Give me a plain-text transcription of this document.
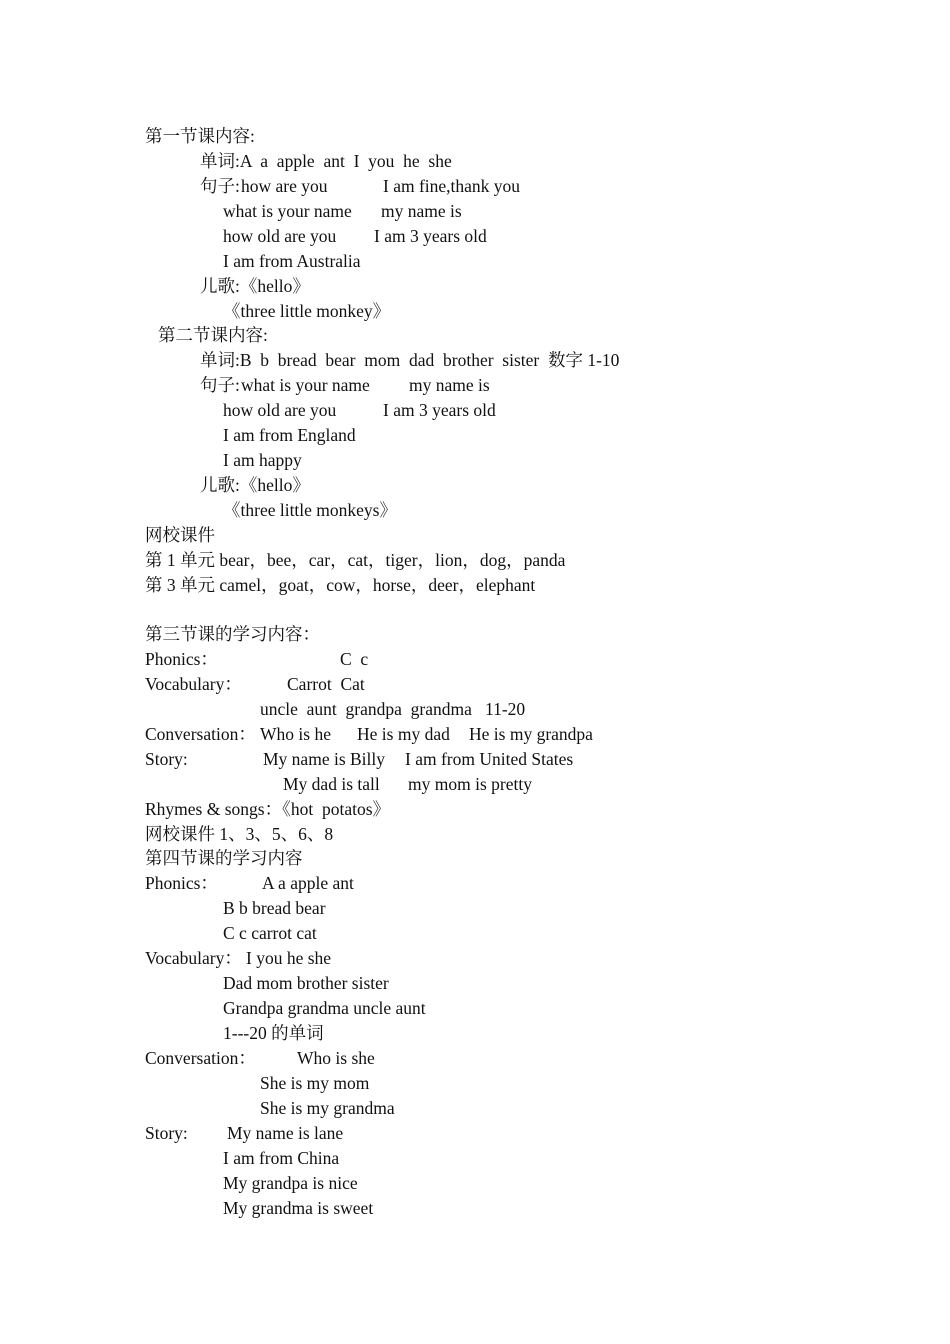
第一节课内容:
单词:A  a  apple  ant  I  you  he  she
句子: how are you	I am fine,thank you
what is your name my name is
how old are you I am 3 years old
I am from Australia
儿歌:《hello》
《three little monkey》
第二节课内容:
单词:B  b  bread  bear  mom  dad  brother  sister  数字 1-10
句子: what is your name my name is
how old are you	I am 3 years old
I am from England
I am happy
儿歌:《hello》
《three little monkeys》
网校课件
第 1 单元 bear，bee，car，cat，tiger，lion，dog，panda
第 3 单元 camel，goat，cow，horse，deer，elephant
第三节课的学习内容：
Phonics：	C  c
Vocabulary：	Carrot  Cat
uncle  aunt  grandpa  grandma   11-20
Conversation： Who is he He is my dad He is my grandpa
Story:	My name is Billy I am from United States
My dad is tall my mom is pretty
Rhymes & songs：《hot  potatos》
网校课件 1、3、5、6、8
第四节课的学习内容
Phonics：	A a apple ant
B b bread bear
C c carrot cat
Vocabulary： I you he she
Dad mom brother sister
Grandpa grandma uncle aunt
1---20 的单词
Conversation： Who is she
She is my mom
She is my grandma
Story: My name is lane
I am from China
My grandpa is nice
My grandma is sweet
